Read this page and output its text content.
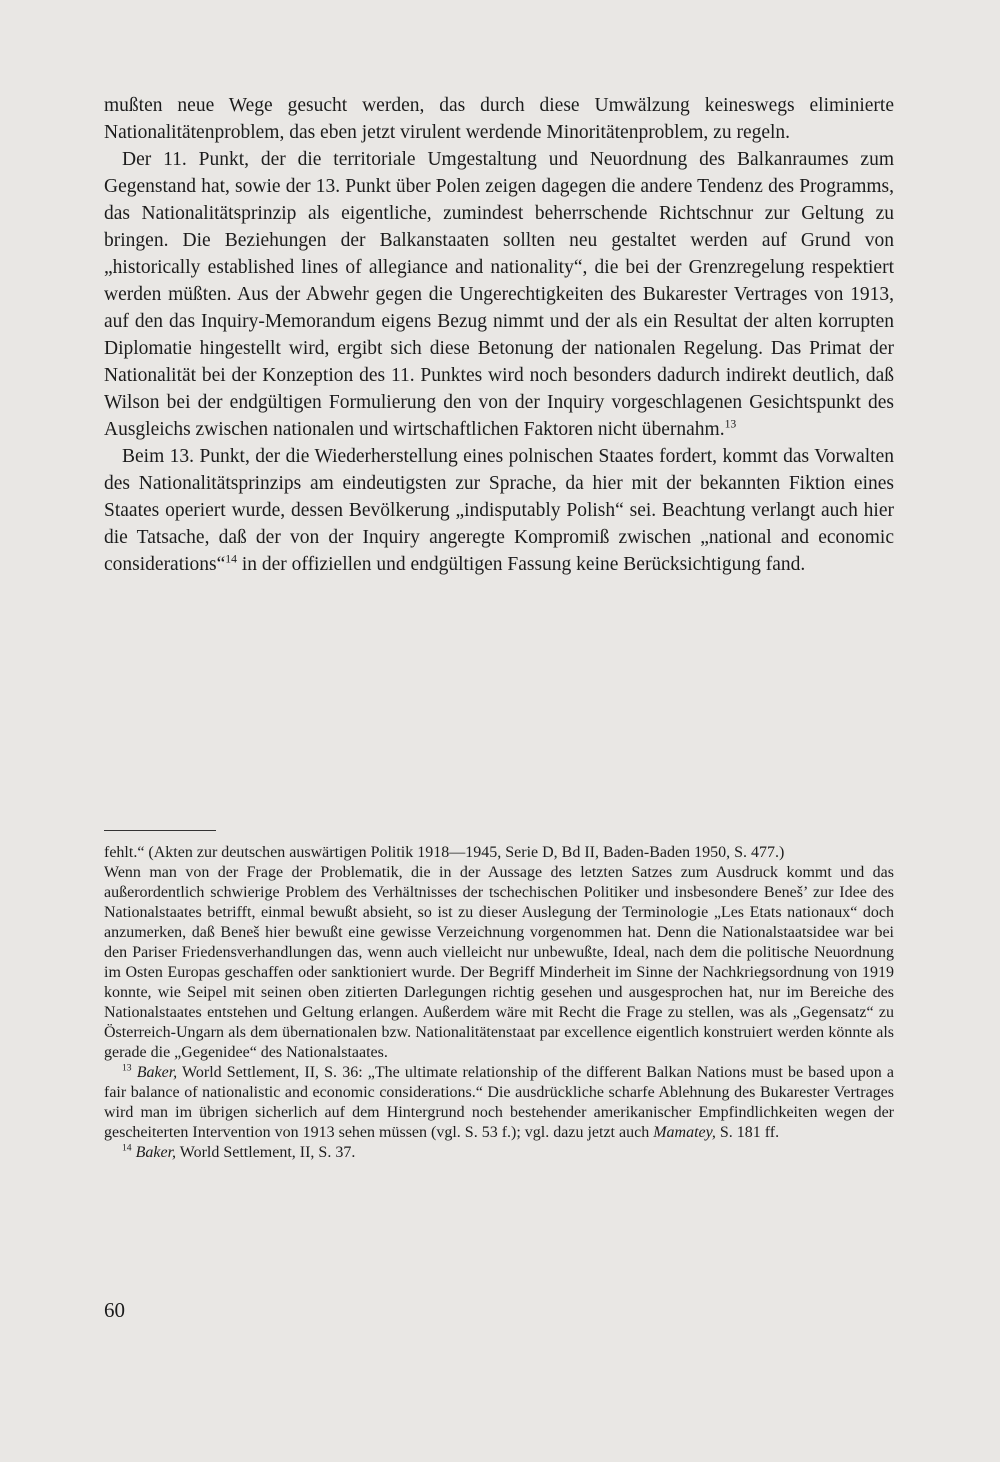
mußten neue Wege gesucht werden, das durch diese Umwälzung keineswegs eliminierte Nationalitätenproblem, das eben jetzt virulent werdende Minoritätenproblem, zu regeln.

Der 11. Punkt, der die territoriale Umgestaltung und Neuordnung des Balkanraumes zum Gegenstand hat, sowie der 13. Punkt über Polen zeigen dagegen die andere Tendenz des Programms, das Nationalitätsprinzip als eigentliche, zumindest beherrschende Richtschnur zur Geltung zu bringen. Die Beziehungen der Balkanstaaten sollten neu gestaltet werden auf Grund von „historically established lines of allegiance and nationality“, die bei der Grenzregelung respektiert werden müßten. Aus der Abwehr gegen die Ungerechtigkeiten des Bukarester Vertrages von 1913, auf den das Inquiry-Memorandum eigens Bezug nimmt und der als ein Resultat der alten korrupten Diplomatie hingestellt wird, ergibt sich diese Betonung der nationalen Regelung. Das Primat der Nationalität bei der Konzeption des 11. Punktes wird noch besonders dadurch indirekt deutlich, daß Wilson bei der endgültigen Formulierung den von der Inquiry vorgeschlagenen Gesichtspunkt des Ausgleichs zwischen nationalen und wirtschaftlichen Faktoren nicht übernahm.$^{13}$

Beim 13. Punkt, der die Wiederherstellung eines polnischen Staates fordert, kommt das Vorwalten des Nationalitätsprinzips am eindeutigsten zur Sprache, da hier mit der bekannten Fiktion eines Staates operiert wurde, dessen Bevölkerung „indisputably Polish“ sei. Beachtung verlangt auch hier die Tatsache, daß der von der Inquiry angeregte Kompromiß zwischen „national and economic considerations“$^{14}$ in der offiziellen und endgültigen Fassung keine Berücksichtigung fand.

fehlt.“ (Akten zur deutschen auswärtigen Politik 1918—1945, Serie D, Bd II, Baden-Baden 1950, S. 477.)

Wenn man von der Frage der Problematik, die in der Aussage des letzten Satzes zum Ausdruck kommt und das außerordentlich schwierige Problem des Verhältnisses der tschechischen Politiker und insbesondere Beneš’ zur Idee des Nationalstaates betrifft, einmal bewußt absieht, so ist zu dieser Auslegung der Terminologie „Les Etats nationaux“ doch anzumerken, daß Beneš hier bewußt eine gewisse Verzeichnung vorgenommen hat. Denn die Nationalstaatsidee war bei den Pariser Friedensverhandlungen das, wenn auch vielleicht nur unbewußte, Ideal, nach dem die politische Neuordnung im Osten Europas geschaffen oder sanktioniert wurde. Der Begriff Minderheit im Sinne der Nachkriegsordnung von 1919 konnte, wie Seipel mit seinen oben zitierten Darlegungen richtig gesehen und ausgesprochen hat, nur im Bereiche des Nationalstaates entstehen und Geltung erlangen. Außerdem wäre mit Recht die Frage zu stellen, was als „Gegensatz“ zu Österreich-Ungarn als dem übernationalen bzw. Nationalitätenstaat par excellence eigentlich konstruiert werden könnte als gerade die „Gegenidee“ des Nationalstaates.

$^{13}$ Baker, World Settlement, II, S. 36: „The ultimate relationship of the different Balkan Nations must be based upon a fair balance of nationalistic and economic considerations.“ Die ausdrückliche scharfe Ablehnung des Bukarester Vertrages wird man im übrigen sicherlich auf dem Hintergrund noch bestehender amerikanischer Empfindlichkeiten wegen der gescheiterten Intervention von 1913 sehen müssen (vgl. S. 53 f.); vgl. dazu jetzt auch Mamatey, S. 181 ff.

$^{14}$ Baker, World Settlement, II, S. 37.

60
